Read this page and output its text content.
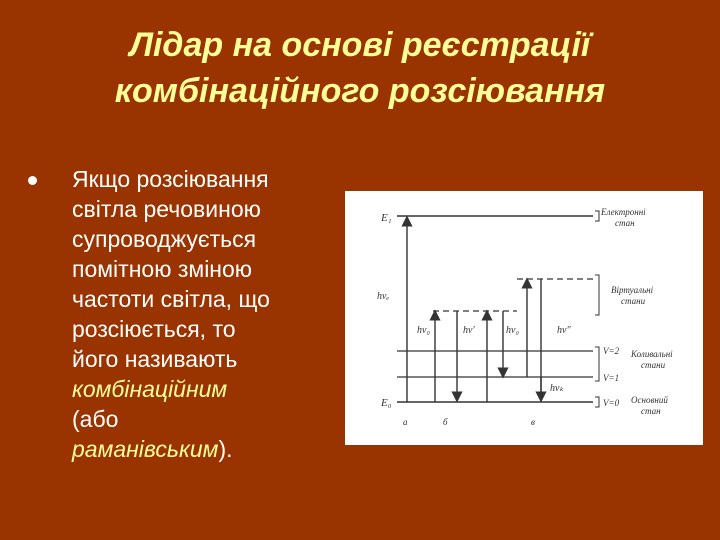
Лідар на основі реєстрації
комбінаційного розсіювання
Якщо розсіювання
світла речовиною
супроводжується
помітною зміною
частоти світла, що
розсіюється, то
його називають
комбінаційним
(або
раманівським).
E₁
hνₑ
E₀
hν₀	hν′	hν₀	hν″
hνₖ
V=2
V=1
V=0
Електронні
стан
Віртуальні
стани
Коливальні
стани
Основний
стан
а	б	в
